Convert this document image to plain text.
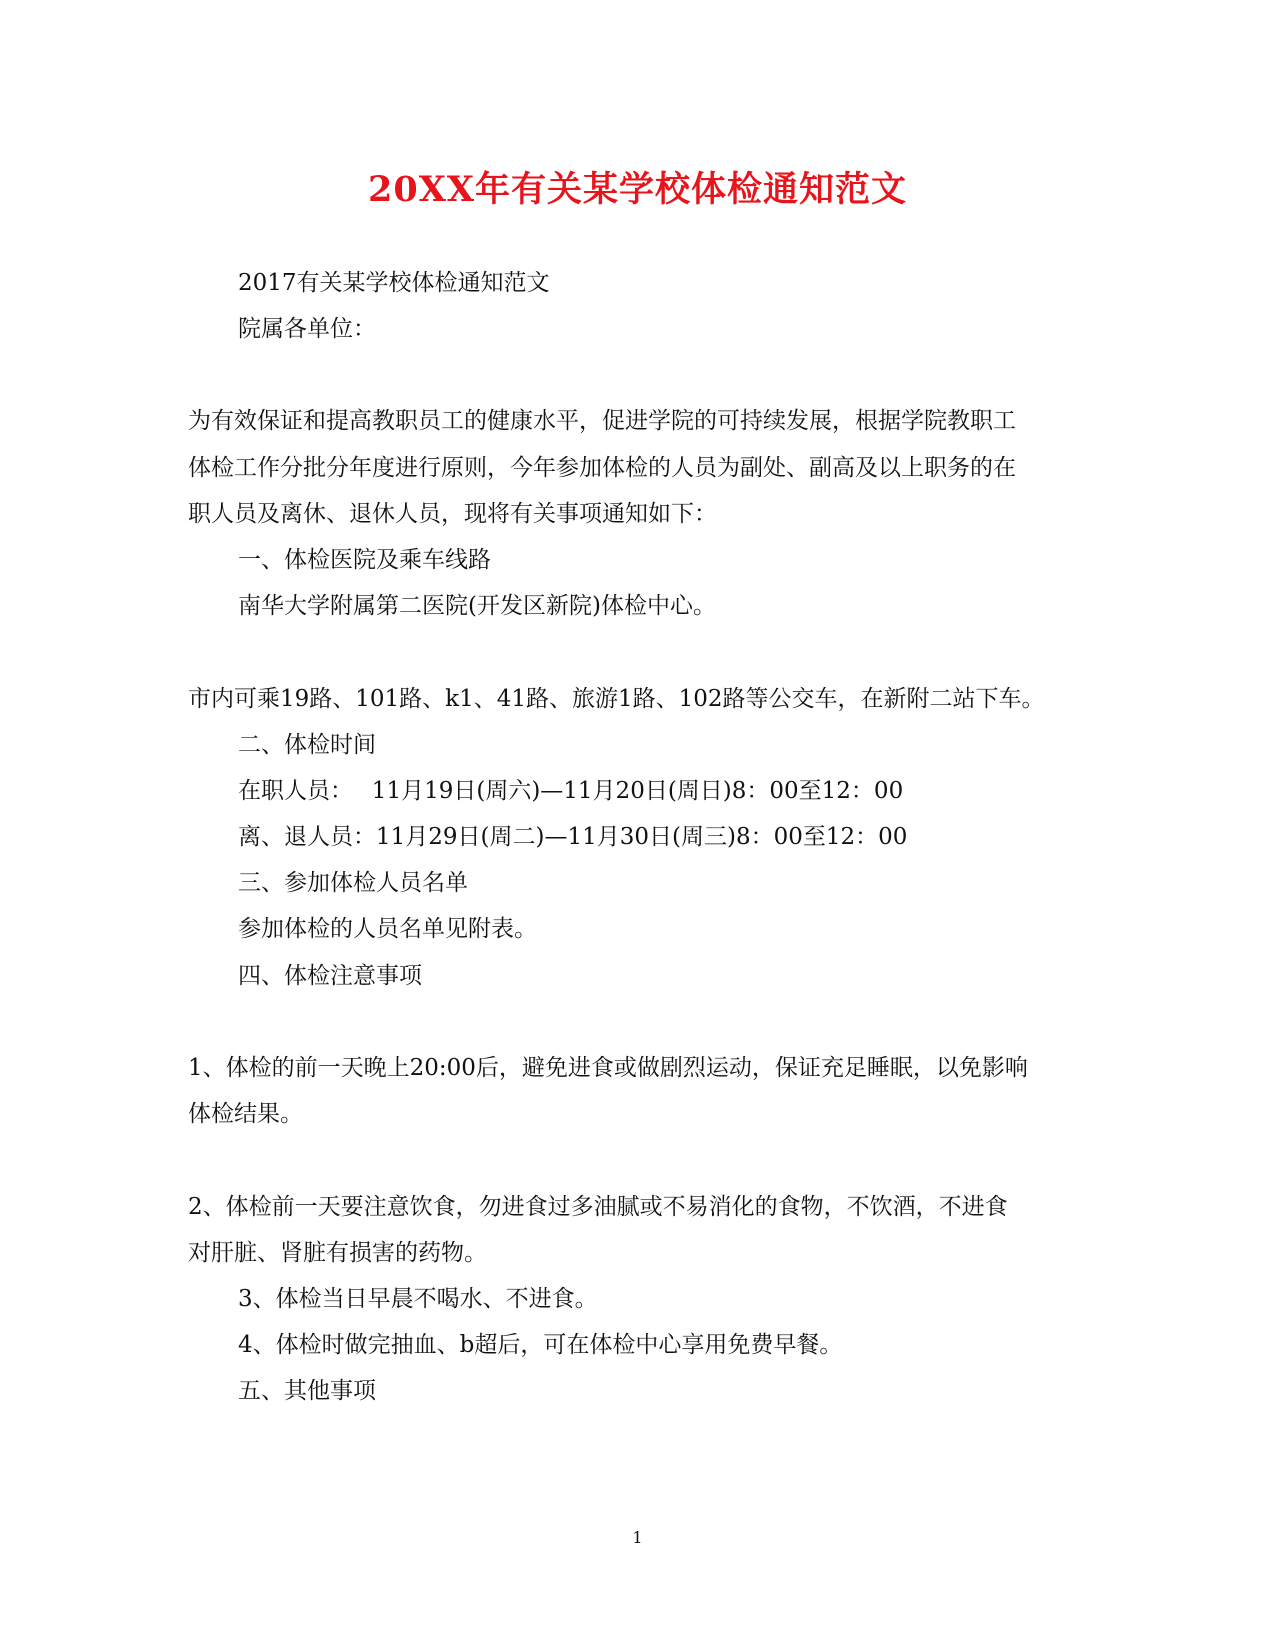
20XX年有关某学校体检通知范文

2017有关某学校体检通知范文

院属各单位：

为有效保证和提高教职员工的健康水平，促进学院的可持续发展，根据学院教职工

体检工作分批分年度进行原则，今年参加体检的人员为副处、副高及以上职务的在

职人员及离休、退休人员，现将有关事项通知如下：

一、体检医院及乘车线路

南华大学附属第二医院(开发区新院)体检中心。

市内可乘19路、101路、k1、41路、旅游1路、102路等公交车，在新附二站下车。

二、体检时间

在职人员：　 11月19日(周六)—11月20日(周日)8：00至12：00

离、退人员：11月29日(周二)—11月30日(周三)8：00至12：00

三、参加体检人员名单

参加体检的人员名单见附表。

四、体检注意事项

1、体检的前一天晚上20:00后，避免进食或做剧烈运动，保证充足睡眠，以免影响

体检结果。

2、体检前一天要注意饮食，勿进食过多油腻或不易消化的食物，不饮酒，不进食

对肝脏、肾脏有损害的药物。

3、体检当日早晨不喝水、不进食。

4、体检时做完抽血、b超后，可在体检中心享用免费早餐。

五、其他事项

1
